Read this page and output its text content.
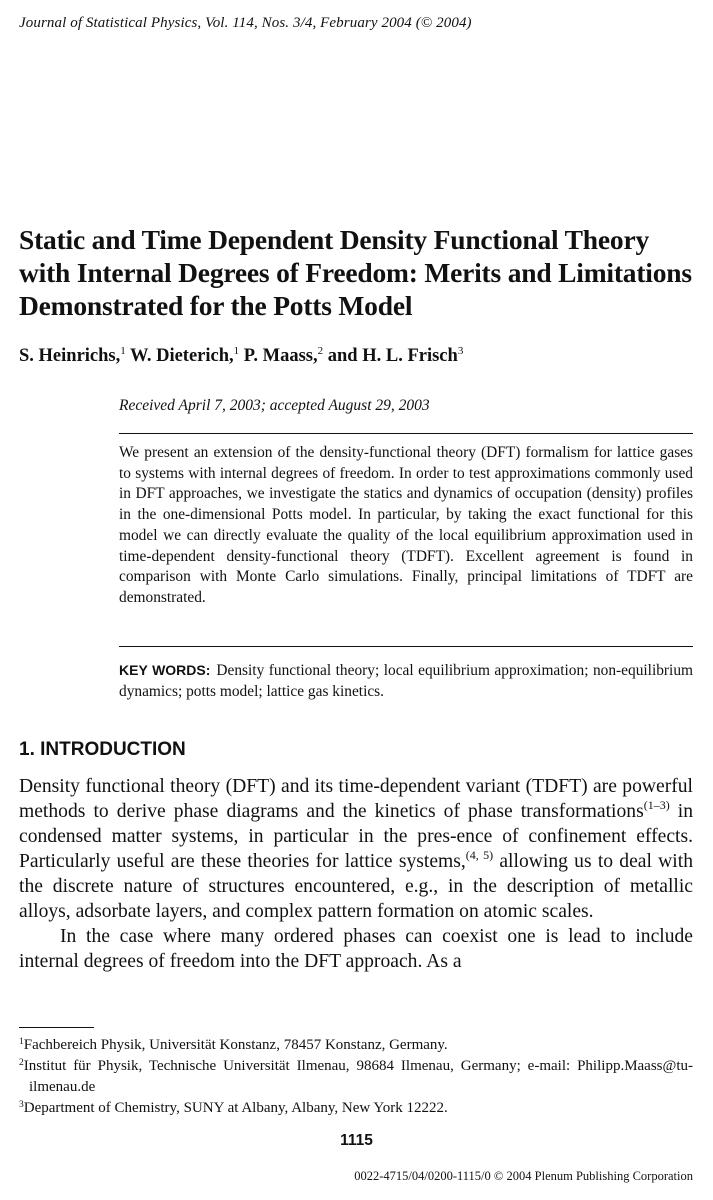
Journal of Statistical Physics, Vol. 114, Nos. 3/4, February 2004 (© 2004)
Static and Time Dependent Density Functional Theory with Internal Degrees of Freedom: Merits and Limitations Demonstrated for the Potts Model
S. Heinrichs,$^1$ W. Dieterich,$^1$ P. Maass,$^2$ and H. L. Frisch$^3$
Received April 7, 2003; accepted August 29, 2003
We present an extension of the density-functional theory (DFT) formalism for lattice gases to systems with internal degrees of freedom. In order to test approximations commonly used in DFT approaches, we investigate the statics and dynamics of occupation (density) profiles in the one-dimensional Potts model. In particular, by taking the exact functional for this model we can directly evaluate the quality of the local equilibrium approximation used in time-dependent density-functional theory (TDFT). Excellent agreement is found in comparison with Monte Carlo simulations. Finally, principal limitations of TDFT are demonstrated.
KEY WORDS: Density functional theory; local equilibrium approximation; non-equilibrium dynamics; potts model; lattice gas kinetics.
1. INTRODUCTION

Density functional theory (DFT) and its time-dependent variant (TDFT) are powerful methods to derive phase diagrams and the kinetics of phase transformations$^{(1-3)}$ in condensed matter systems, in particular in the pres-ence of confinement effects. Particularly useful are these theories for lattice systems,$^{(4, 5)}$ allowing us to deal with the discrete nature of structures encountered, e.g., in the description of metallic alloys, adsorbate layers, and complex pattern formation on atomic scales.

In the case where many ordered phases can coexist one is lead to include internal degrees of freedom into the DFT approach. As a

$^1$Fachbereich Physik, Universität Konstanz, 78457 Konstanz, Germany.
$^2$Institut für Physik, Technische Universität Ilmenau, 98684 Ilmenau, Germany; e-mail: Philipp.Maass@tu-ilmenau.de
$^3$Department of Chemistry, SUNY at Albany, Albany, New York 12222.
1115
0022-4715/04/0200-1115/0 © 2004 Plenum Publishing Corporation
